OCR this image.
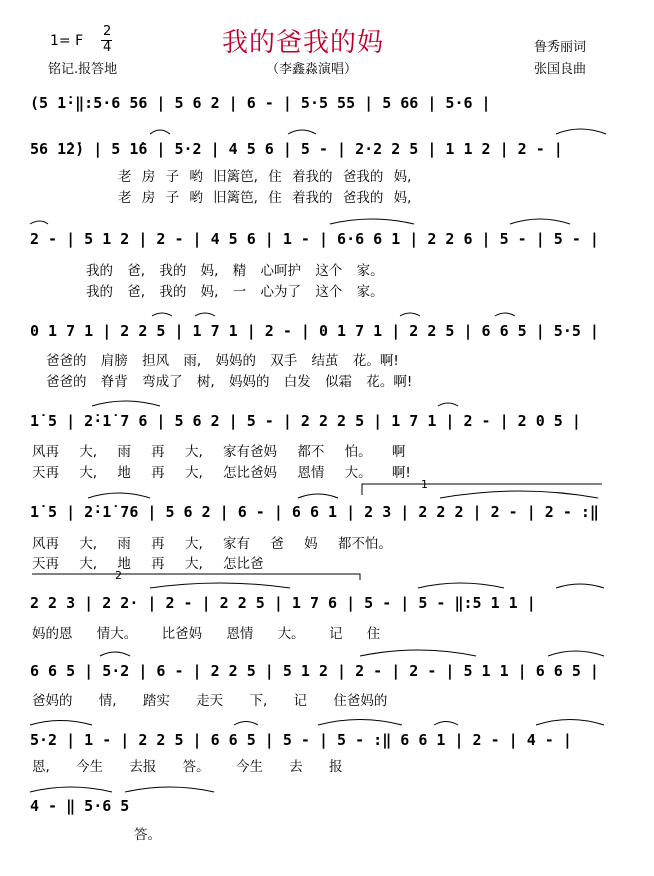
1= F
2
4	我的爸我的妈	鲁秀丽词
铭记.报答地	（李鑫淼演唱）	张国良曲
(5 1̇·‖:5·6 56 | 5 6 2 | 6 - | 5·5 55 | 5 66 | 5·6 |
56 1̇2̇) | 5 1̇6 | 5·2 | 4 5 6 | 5 - | 2·2 2 5 | 1 1 2 | 2 - |
老 房 子 哟 旧篱笆, 住 着我的 爸我的 妈,
老 房 子 哟 旧篱笆, 住 着我的 爸我的 妈,
2 - | 5 1 2 | 2 - | 4 5 6 | 1 - | 6·6 6 1 | 2 2 6 | 5 - | 5 - |
我的 爸, 我的 妈, 精 心呵护 这个 家。
我的 爸, 我的 妈, 一 心为了 这个 家。
0 1 7 1 | 2 2 5 | 1 7 1 | 2 - | 0 1 7 1 | 2 2 5 | 6 6 5 | 5·5 |
爸爸的 肩膀 担风 雨, 妈妈的 双手 结茧 花。啊!
爸爸的 脊背 弯成了 树, 妈妈的 白发 似霜 花。啊!
1̇ 5 | 2̇·1̇ 7 6 | 5 6 2 | 5 - | 2 2 2 5 | 1 7 1 | 2 - | 2 0 5 |
风再 大, 雨 再 大, 家有爸妈 都不 怕。 啊
天再 大, 地 再 大, 怎比爸妈 恩情 大。 啊!
1̇ 5 | 2̇·1̇ 76 | 5 6 2 | 6 - | 6 6 1 | 2 3 | 2 2 2 | 2 - | 2 - :‖
风再 大, 雨 再 大, 家有 爸 妈 都不怕。
天再 大, 地 再 大, 怎比爸
2 2 3 | 2 2· | 2 - | 2 2 5 | 1 7 6 | 5 - | 5 - ‖:5 1 1 |
妈的恩 情大。 比爸妈 恩情 大。 记 住
6 6 5 | 5·2 | 6 - | 2 2 5 | 5 1 2 | 2 - | 2 - | 5 1 1 | 6 6 5 |
爸妈的 情, 踏实 走天 下, 记 住爸妈的
5·2 | 1 - | 2 2 5 | 6 6 5 | 5 - | 5 - :‖ 6 6 1 | 2 - | 4 - |
恩, 今生 去报 答。 今生 去 报
4 - ‖ 5·6 5
答。
1
2
